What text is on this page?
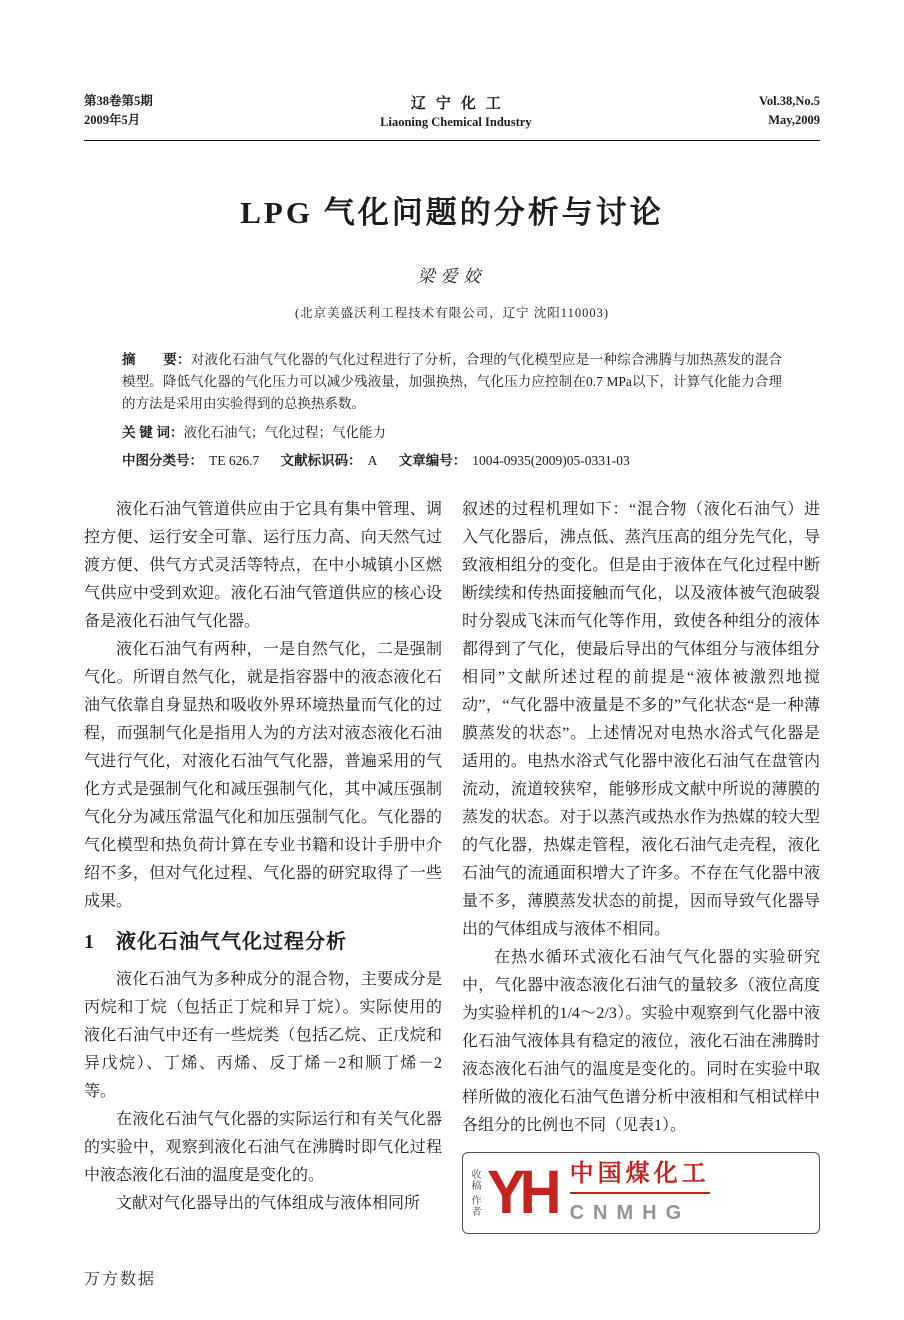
第38卷第5期
2009年5月
辽宁化工
Liaoning Chemical Industry
Vol.38,No.5
May,2009
LPG 气化问题的分析与讨论
梁爱姣
(北京美盛沃利工程技术有限公司，辽宁 沈阳110003)

摘　　要：对液化石油气气化器的气化过程进行了分析，合理的气化模型应是一种综合沸腾与加热蒸发的混合模型。降低气化器的气化压力可以减少残液量，加强换热，气化压力应控制在0.7 MPa以下，计算气化能力合理的方法是采用由实验得到的总换热系数。

关 键 词：液化石油气；气化过程；气化能力

中图分类号： TE 626.7 文献标识码： A 文章编号： 1004-0935(2009)05-0331-03

液化石油气管道供应由于它具有集中管理、调控方便、运行安全可靠、运行压力高、向天然气过渡方便、供气方式灵活等特点，在中小城镇小区燃气供应中受到欢迎。液化石油气管道供应的核心设备是液化石油气气化器。

液化石油气有两种，一是自然气化，二是强制气化。所谓自然气化，就是指容器中的液态液化石油气依靠自身显热和吸收外界环境热量而气化的过程，而强制气化是指用人为的方法对液态液化石油气进行气化，对液化石油气气化器，普遍采用的气化方式是强制气化和减压强制气化，其中减压强制气化分为减压常温气化和加压强制气化。气化器的气化模型和热负荷计算在专业书籍和设计手册中介绍不多，但对气化过程、气化器的研究取得了一些成果。

1　液化石油气气化过程分析

液化石油气为多种成分的混合物，主要成分是丙烷和丁烷（包括正丁烷和异丁烷）。实际使用的液化石油气中还有一些烷类（包括乙烷、正戊烷和异戊烷）、丁烯、丙烯、反丁烯－2和顺丁烯－2等。

在液化石油气气化器的实际运行和有关气化器的实验中，观察到液化石油气在沸腾时即气化过程中液态液化石油的温度是变化的。

文献对气化器导出的气体组成与液体相同所

叙述的过程机理如下：“混合物（液化石油气）进入气化器后，沸点低、蒸汽压高的组分先气化，导致液相组分的变化。但是由于液体在气化过程中断断续续和传热面接触而气化，以及液体被气泡破裂时分裂成飞沫而气化等作用，致使各种组分的液体都得到了气化，使最后导出的气体组分与液体组分相同”文献所述过程的前提是“液体被激烈地搅动”，“气化器中液量是不多的”气化状态“是一种薄膜蒸发的状态”。上述情况对电热水浴式气化器是适用的。电热水浴式气化器中液化石油气在盘管内流动，流道较狭窄，能够形成文献中所说的薄膜的蒸发的状态。对于以蒸汽或热水作为热媒的较大型的气化器，热媒走管程，液化石油气走壳程，液化石油气的流通面积增大了许多。不存在气化器中液量不多，薄膜蒸发状态的前提，因而导致气化器导出的气体组成与液体不相同。

在热水循环式液化石油气气化器的实验研究中，气化器中液态液化石油气的量较多（液位高度为实验样机的1/4～2/3）。实验中观察到气化器中液化石油气液体具有稳定的液位，液化石油在沸腾时液态液化石油气的温度是变化的。同时在实验中取样所做的液化石油气色谱分析中液相和气相试样中各组分的比例也不同（见表1）。

收稿
作者 YH 中国煤化工
CNMHG
万方数据
